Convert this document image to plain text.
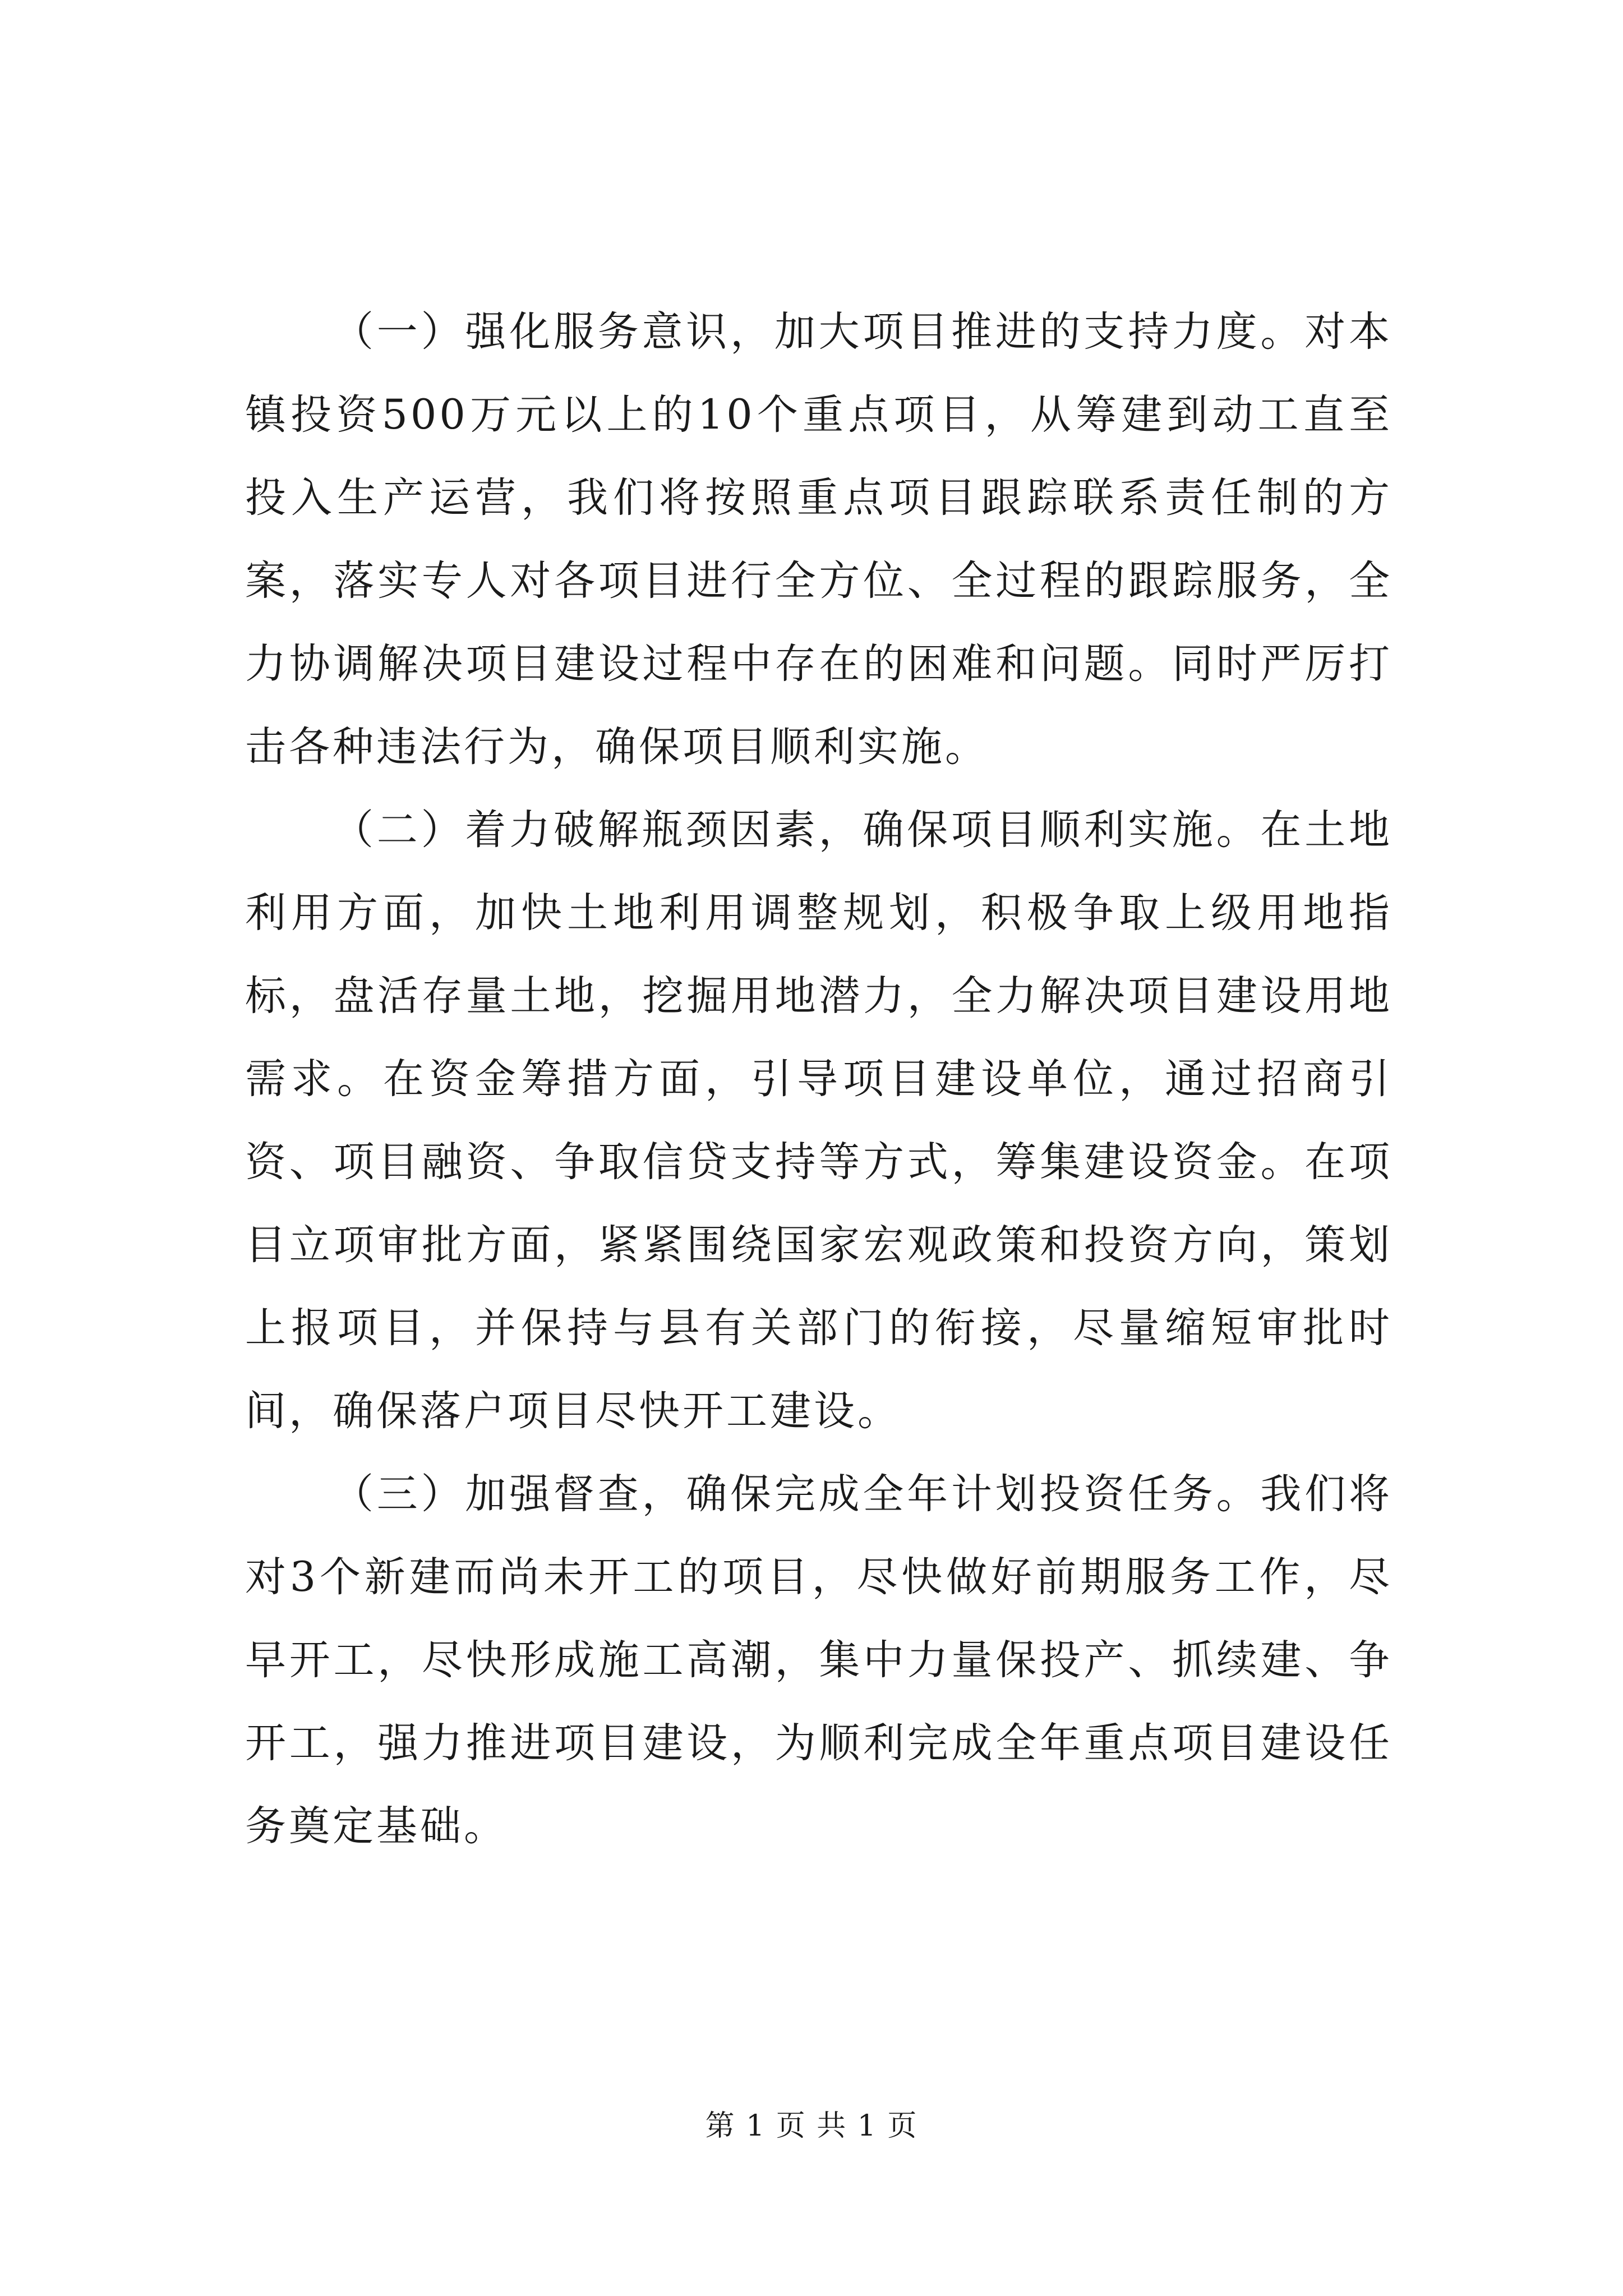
（一）强化服务意识，加大项目推进的支持力度。对本镇投资500万元以上的10个重点项目，从筹建到动工直至投入生产运营，我们将按照重点项目跟踪联系责任制的方案，落实专人对各项目进行全方位、全过程的跟踪服务，全力协调解决项目建设过程中存在的困难和问题。同时严厉打击各种违法行为，确保项目顺利实施。

（二）着力破解瓶颈因素，确保项目顺利实施。在土地利用方面，加快土地利用调整规划，积极争取上级用地指标，盘活存量土地，挖掘用地潜力，全力解决项目建设用地需求。在资金筹措方面，引导项目建设单位，通过招商引资、项目融资、争取信贷支持等方式，筹集建设资金。在项目立项审批方面，紧紧围绕国家宏观政策和投资方向，策划上报项目，并保持与县有关部门的衔接，尽量缩短审批时间，确保落户项目尽快开工建设。

（三）加强督查，确保完成全年计划投资任务。我们将对3个新建而尚未开工的项目，尽快做好前期服务工作，尽早开工，尽快形成施工高潮，集中力量保投产、抓续建、争开工，强力推进项目建设，为顺利完成全年重点项目建设任务奠定基础。

第 1 页 共 1 页
